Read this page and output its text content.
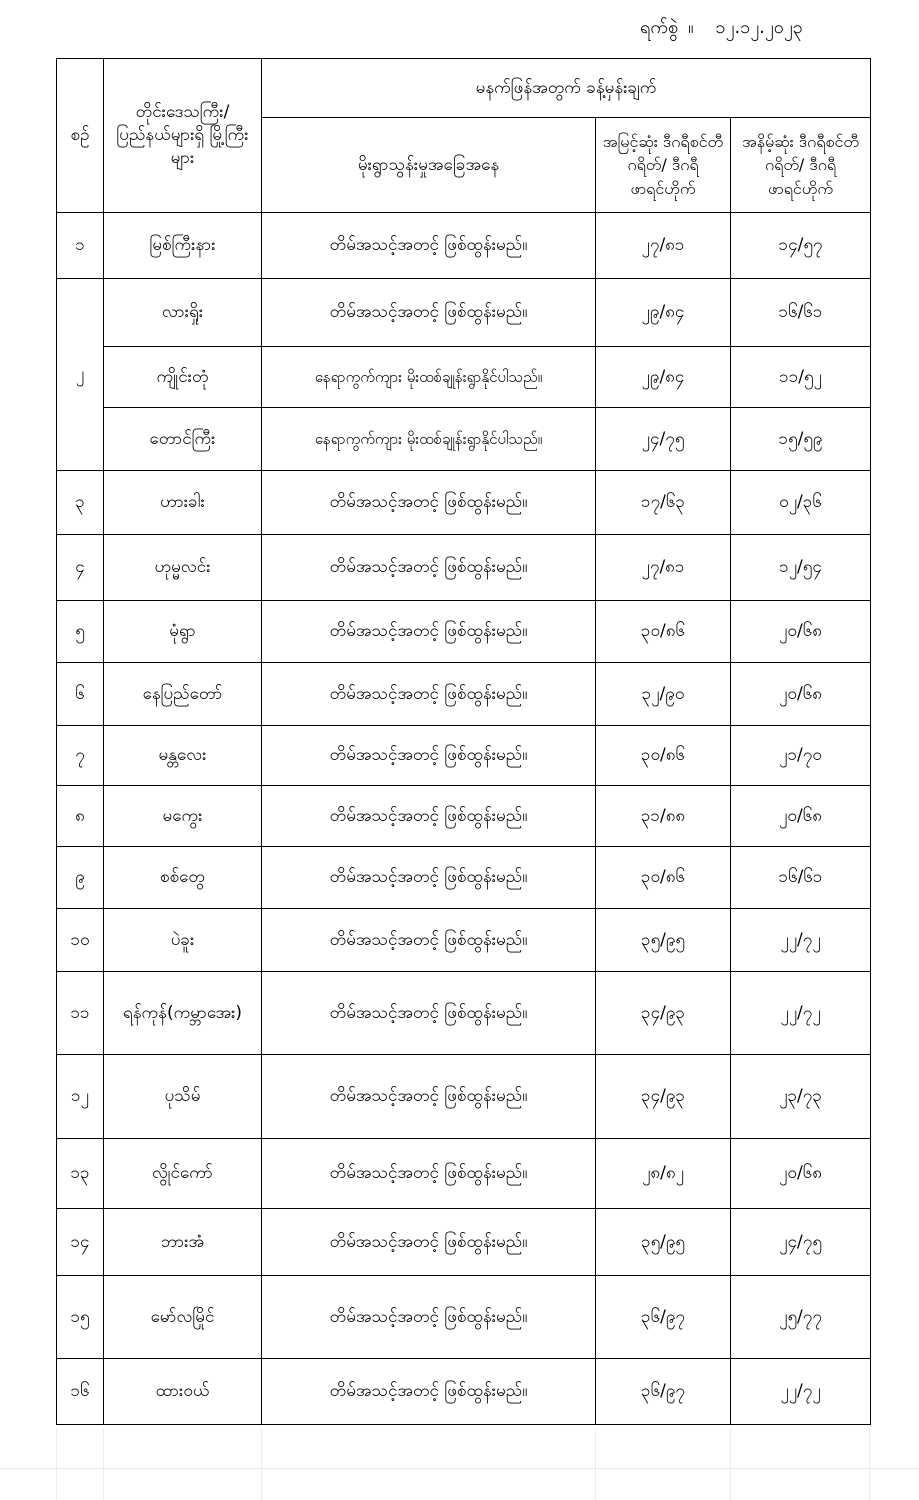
ရက်စွဲ ။ ၁၂.၁၂.၂၀၂၃
စဉ်	တိုင်းဒေသကြီး/ ပြည်နယ်များရှိ မြို့ကြီးများ	မနက်ဖြန်အတွက် ခန့်မှန်းချက်		
		မိုးရွာသွန်းမှုအခြေအနေ	အမြင့်ဆုံး ဒီဂရီစင်တီဂရိတ်/ ဒီဂရီဖာရင်ဟိုက်	အနိမ့်ဆုံး ဒီဂရီစင်တီဂရိတ်/ ဒီဂရီဖာရင်ဟိုက်
၁	မြစ်ကြီးနား	တိမ်အသင့်အတင့် ဖြစ်ထွန်းမည်။	၂၇/၈၁	၁၄/၅၇
၂	လားရှိုး	တိမ်အသင့်အတင့် ဖြစ်ထွန်းမည်။	၂၉/၈၄	၁၆/၆၁
	ကျိုင်းတုံ	နေရာကွက်ကျား မိုးထစ်ချုန်းရွာနိုင်ပါသည်။	၂၉/၈၄	၁၁/၅၂
	တောင်ကြီး	နေရာကွက်ကျား မိုးထစ်ချုန်းရွာနိုင်ပါသည်။	၂၄/၇၅	၁၅/၅၉
၃	ဟားခါး	တိမ်အသင့်အတင့် ဖြစ်ထွန်းမည်။	၁၇/၆၃	၀၂/၃၆
၄	ဟုမ္မလင်း	တိမ်အသင့်အတင့် ဖြစ်ထွန်းမည်။	၂၇/၈၁	၁၂/၅၄
၅	မုံရွာ	တိမ်အသင့်အတင့် ဖြစ်ထွန်းမည်။	၃၀/၈၆	၂၀/၆၈
၆	နေပြည်တော်	တိမ်အသင့်အတင့် ဖြစ်ထွန်းမည်။	၃၂/၉၀	၂၀/၆၈
၇	မန္တလေး	တိမ်အသင့်အတင့် ဖြစ်ထွန်းမည်။	၃၀/၈၆	၂၁/၇၀
၈	မကွေး	တိမ်အသင့်အတင့် ဖြစ်ထွန်းမည်။	၃၁/၈၈	၂၀/၆၈
၉	စစ်တွေ	တိမ်အသင့်အတင့် ဖြစ်ထွန်းမည်။	၃၀/၈၆	၁၆/၆၁
၁၀	ပဲခူး	တိမ်အသင့်အတင့် ဖြစ်ထွန်းမည်။	၃၅/၉၅	၂၂/၇၂
၁၁	ရန်ကုန်(ကမ္ဘာအေး)	တိမ်အသင့်အတင့် ဖြစ်ထွန်းမည်။	၃၄/၉၃	၂၂/၇၂
၁၂	ပုသိမ်	တိမ်အသင့်အတင့် ဖြစ်ထွန်းမည်။	၃၄/၉၃	၂၃/၇၃
၁၃	လွိုင်ကော်	တိမ်အသင့်အတင့် ဖြစ်ထွန်းမည်။	၂၈/၈၂	၂၀/၆၈
၁၄	ဘားအံ	တိမ်အသင့်အတင့် ဖြစ်ထွန်းမည်။	၃၅/၉၅	၂၄/၇၅
၁၅	မော်လမြိုင်	တိမ်အသင့်အတင့် ဖြစ်ထွန်းမည်။	၃၆/၉၇	၂၅/၇၇
၁၆	ထားဝယ်	တိမ်အသင့်အတင့် ဖြစ်ထွန်းမည်။	၃၆/၉၇	၂၂/၇၂
